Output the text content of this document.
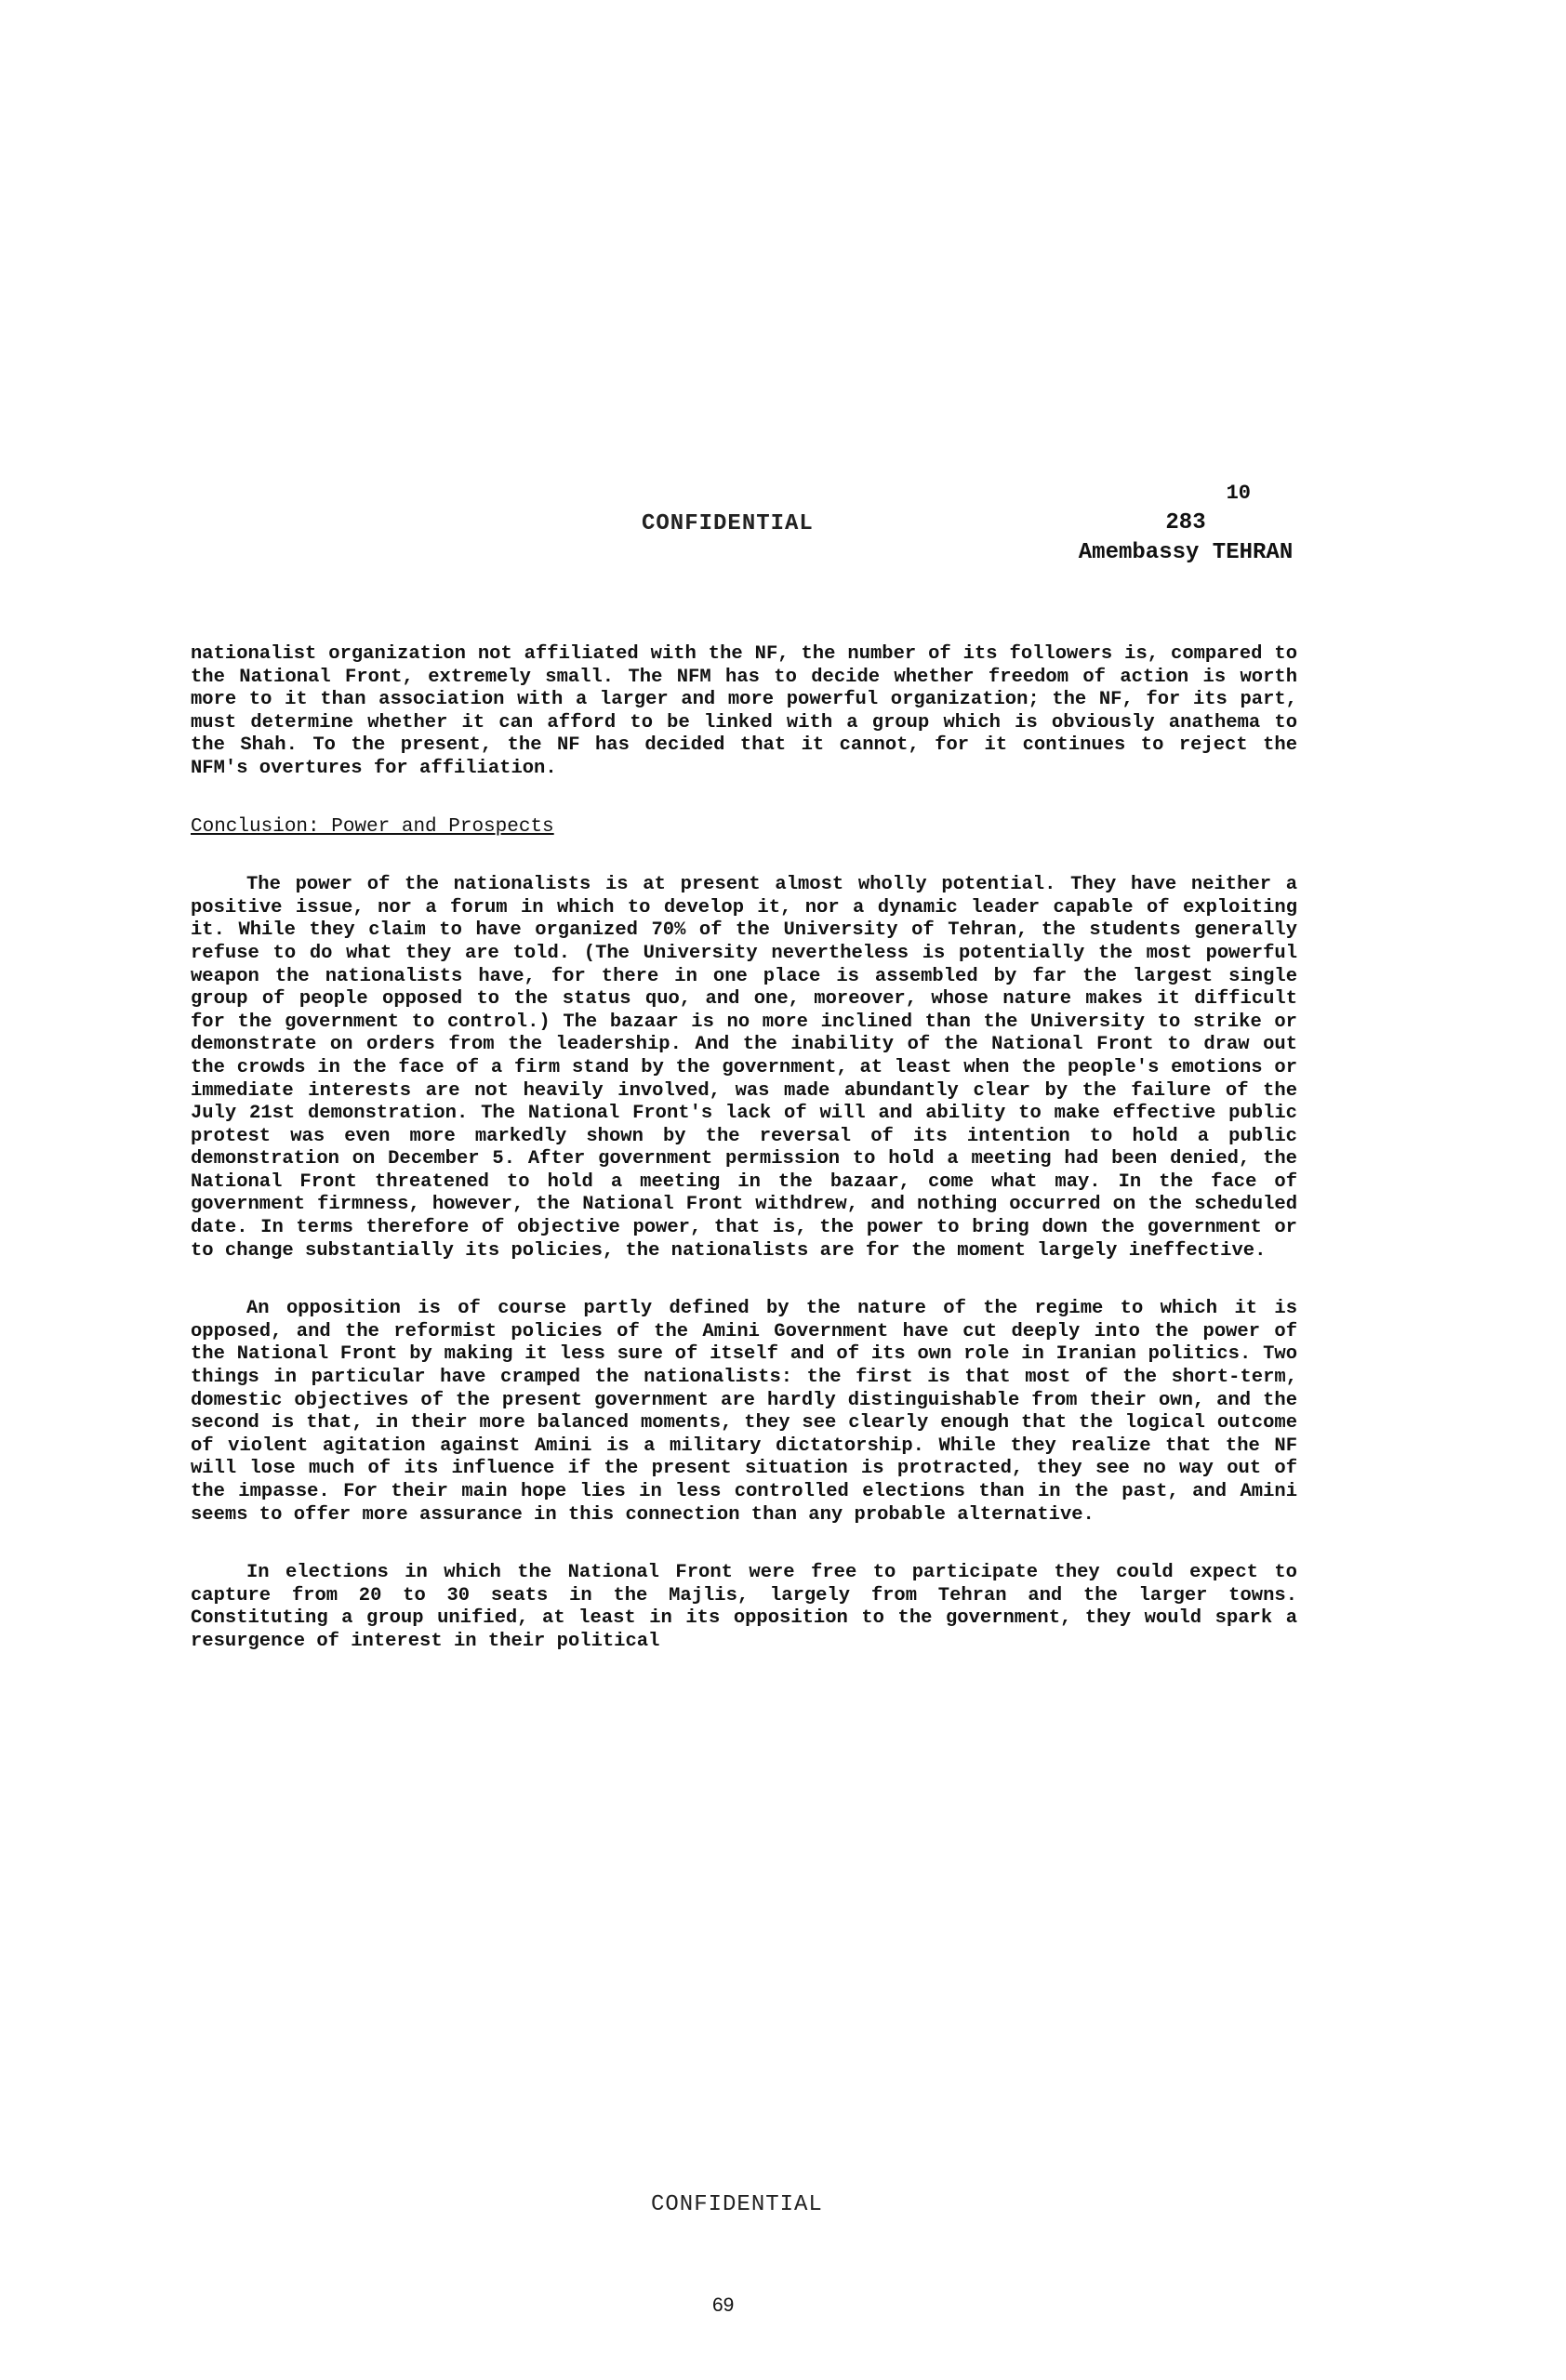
CONFIDENTIAL
10
283
Amembassy TEHRAN

nationalist organization not affiliated with the NF, the number of its followers is, compared to the National Front, extremely small. The NFM has to decide whether freedom of action is worth more to it than association with a larger and more powerful organization; the NF, for its part, must determine whether it can afford to be linked with a group which is obviously anathema to the Shah. To the present, the NF has decided that it cannot, for it continues to reject the NFM's overtures for affiliation.

Conclusion: Power and Prospects

The power of the nationalists is at present almost wholly potential. They have neither a positive issue, nor a forum in which to develop it, nor a dynamic leader capable of exploiting it. While they claim to have organized 70% of the University of Tehran, the students generally refuse to do what they are told. (The University nevertheless is potentially the most powerful weapon the nationalists have, for there in one place is assembled by far the largest single group of people opposed to the status quo, and one, moreover, whose nature makes it difficult for the government to control.) The bazaar is no more inclined than the University to strike or demonstrate on orders from the leadership. And the inability of the National Front to draw out the crowds in the face of a firm stand by the government, at least when the people's emotions or immediate interests are not heavily involved, was made abundantly clear by the failure of the July 21st demonstration. The National Front's lack of will and ability to make effective public protest was even more markedly shown by the reversal of its intention to hold a public demonstration on December 5. After government permission to hold a meeting had been denied, the National Front threatened to hold a meeting in the bazaar, come what may. In the face of government firmness, however, the National Front withdrew, and nothing occurred on the scheduled date. In terms therefore of objective power, that is, the power to bring down the government or to change substantially its policies, the nationalists are for the moment largely ineffective.

An opposition is of course partly defined by the nature of the regime to which it is opposed, and the reformist policies of the Amini Government have cut deeply into the power of the National Front by making it less sure of itself and of its own role in Iranian politics. Two things in particular have cramped the nationalists: the first is that most of the short-term, domestic objectives of the present government are hardly distinguishable from their own, and the second is that, in their more balanced moments, they see clearly enough that the logical outcome of violent agitation against Amini is a military dictatorship. While they realize that the NF will lose much of its influence if the present situation is protracted, they see no way out of the impasse. For their main hope lies in less controlled elections than in the past, and Amini seems to offer more assurance in this connection than any probable alternative.

In elections in which the National Front were free to participate they could expect to capture from 20 to 30 seats in the Majlis, largely from Tehran and the larger towns. Constituting a group unified, at least in its opposition to the government, they would spark a resurgence of interest in their political

CONFIDENTIAL
69
